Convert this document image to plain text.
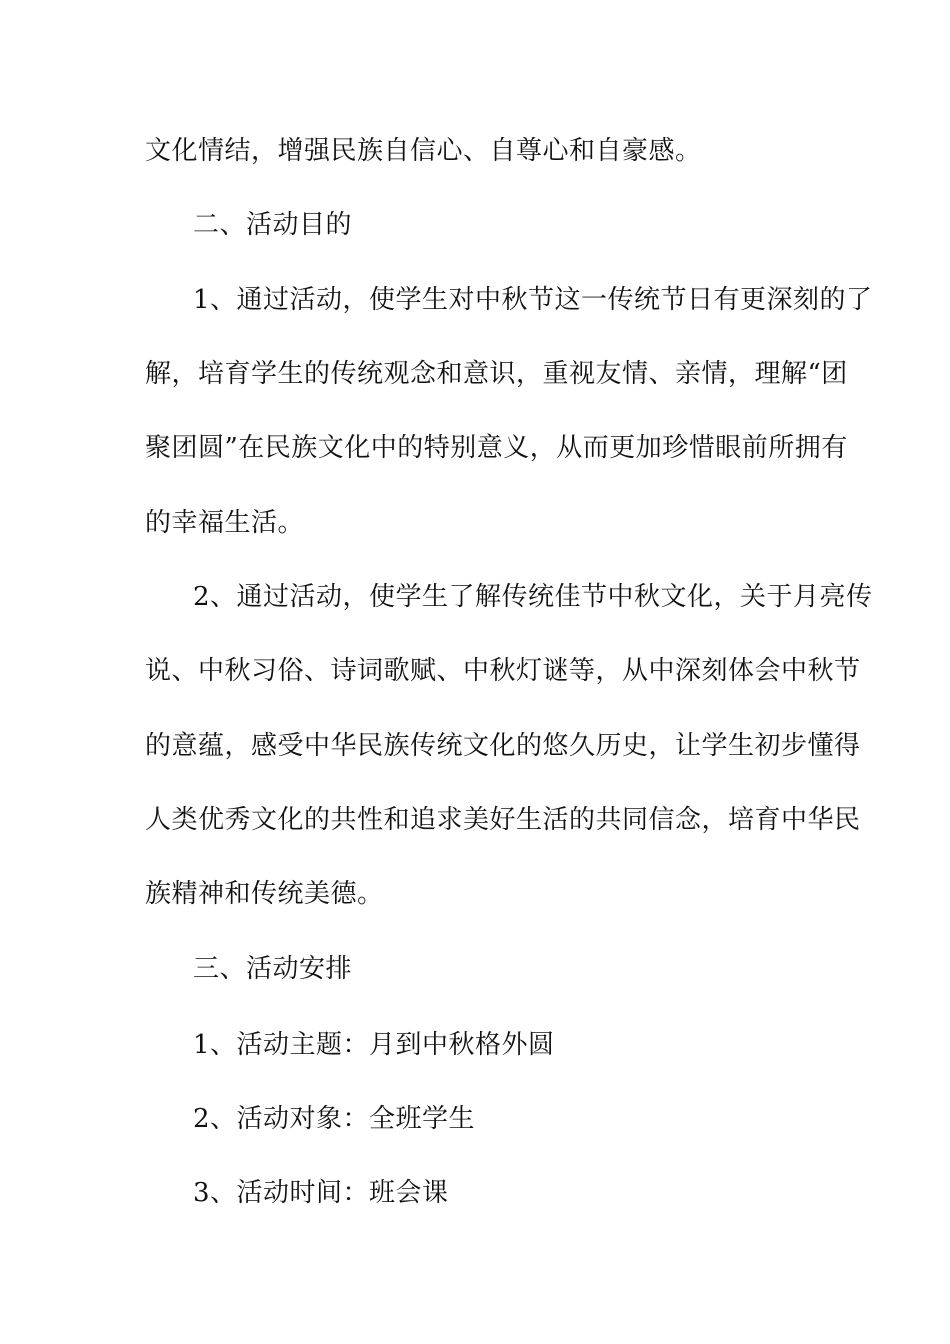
文化情结，增强民族自信心、自尊心和自豪感。
二、活动目的
1、通过活动，使学生对中秋节这一传统节日有更深刻的了
解，培育学生的传统观念和意识，重视友情、亲情，理解“团
聚团圆”在民族文化中的特别意义，从而更加珍惜眼前所拥有
的幸福生活。
2、通过活动，使学生了解传统佳节中秋文化，关于月亮传
说、中秋习俗、诗词歌赋、中秋灯谜等，从中深刻体会中秋节
的意蕴，感受中华民族传统文化的悠久历史，让学生初步懂得
人类优秀文化的共性和追求美好生活的共同信念，培育中华民
族精神和传统美德。
三、活动安排
1、活动主题：月到中秋格外圆
2、活动对象：全班学生
3、活动时间：班会课
